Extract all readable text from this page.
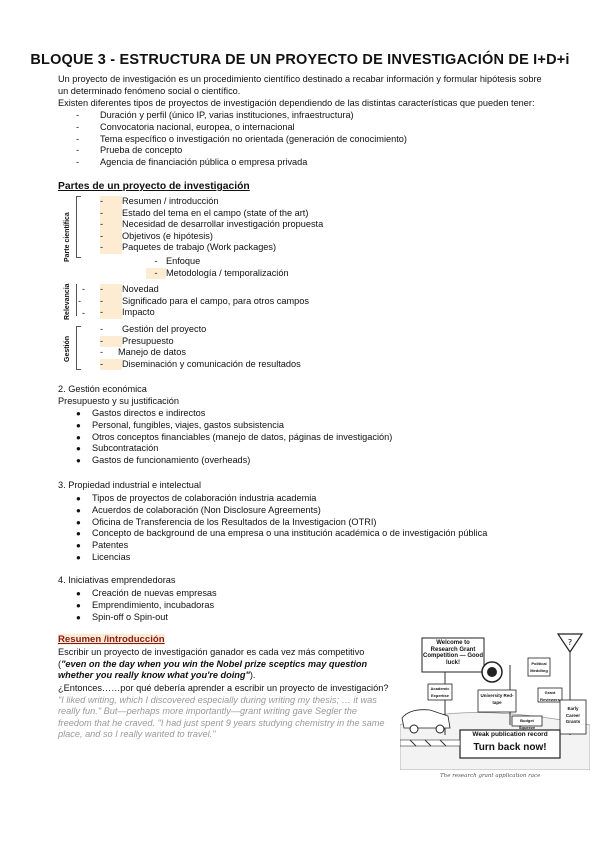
BLOQUE 3 - ESTRUCTURA DE UN PROYECTO DE INVESTIGACIÓN DE I+D+i
Un proyecto de investigación es un procedimiento científico destinado a recabar información y formular hipótesis sobre
un determinado fenómeno social o científico.
Existen diferentes tipos de proyectos de investigación dependiendo de las distintas características que pueden tener:
- Duración y perfil (único IP, varias instituciones, infraestructura)
- Convocatoria nacional, europea, o internacional
- Tema específico o investigación no orientada (generación de conocimiento)
- Prueba de concepto
- Agencia de financiación pública o empresa privada
Partes de un proyecto de investigación
Parte científica
- Resumen / introducción
- Estado del tema en el campo (state of the art)
- Necesidad de desarrollar investigación propuesta
- Objetivos (e hipótesis)
- Paquetes de trabajo (Work packages)
- Enfoque
- Metodología / temporalización
Relevancia -
-
-
- Novedad
- Significado para el campo, para otros campos
- Impacto
Gestión
- Gestión del proyecto
- Presupuesto
- Manejo de datos
- Diseminación y comunicación de resultados
2. Gestión económica
Presupuesto y su justificación
● Gastos directos e indirectos
● Personal, fungibles, viajes, gastos subsistencia
● Otros conceptos financiables (manejo de datos, páginas de investigación)
● Subcontratación
● Gastos de funcionamiento (overheads)
3. Propiedad industrial e intelectual
● Tipos de proyectos de colaboración industria academia
● Acuerdos de colaboración (Non Disclosure Agreements)
● Oficina de Transferencia de los Resultados de la Investigacion (OTRI)
● Concepto de background de una empresa o una institución académica o de investigación pública
● Patentes
● Licencias
4. Iniciativas emprendedoras
● Creación de nuevas empresas
● Emprendimiento, incubadoras
● Spin-off o Spin-out
Resumen /introducción
Escribir un proyecto de investigación ganador es cada vez más competitivo ("even on the day when you win the Nobel prize sceptics may question whether you really know what you're doing").
¿Entonces……por qué debería aprender a escribir un proyecto de investigación? "I liked writing, which I discovered especially during writing my thesis; … it was really fun." But—perhaps more importantly—grant writing gave Segler the freedom that he craved. "I had just spent 9 years studying chemistry in the same place, and so I really wanted to travel."
?
Welcome to Research Grant Competition — Good luck!
Academic Expertise	University Red-tape
Political Meddling
Budget Squeeze
Grant Reviewers
Early Career Grants
Weak publication record
Turn back now!
The research grant application race
